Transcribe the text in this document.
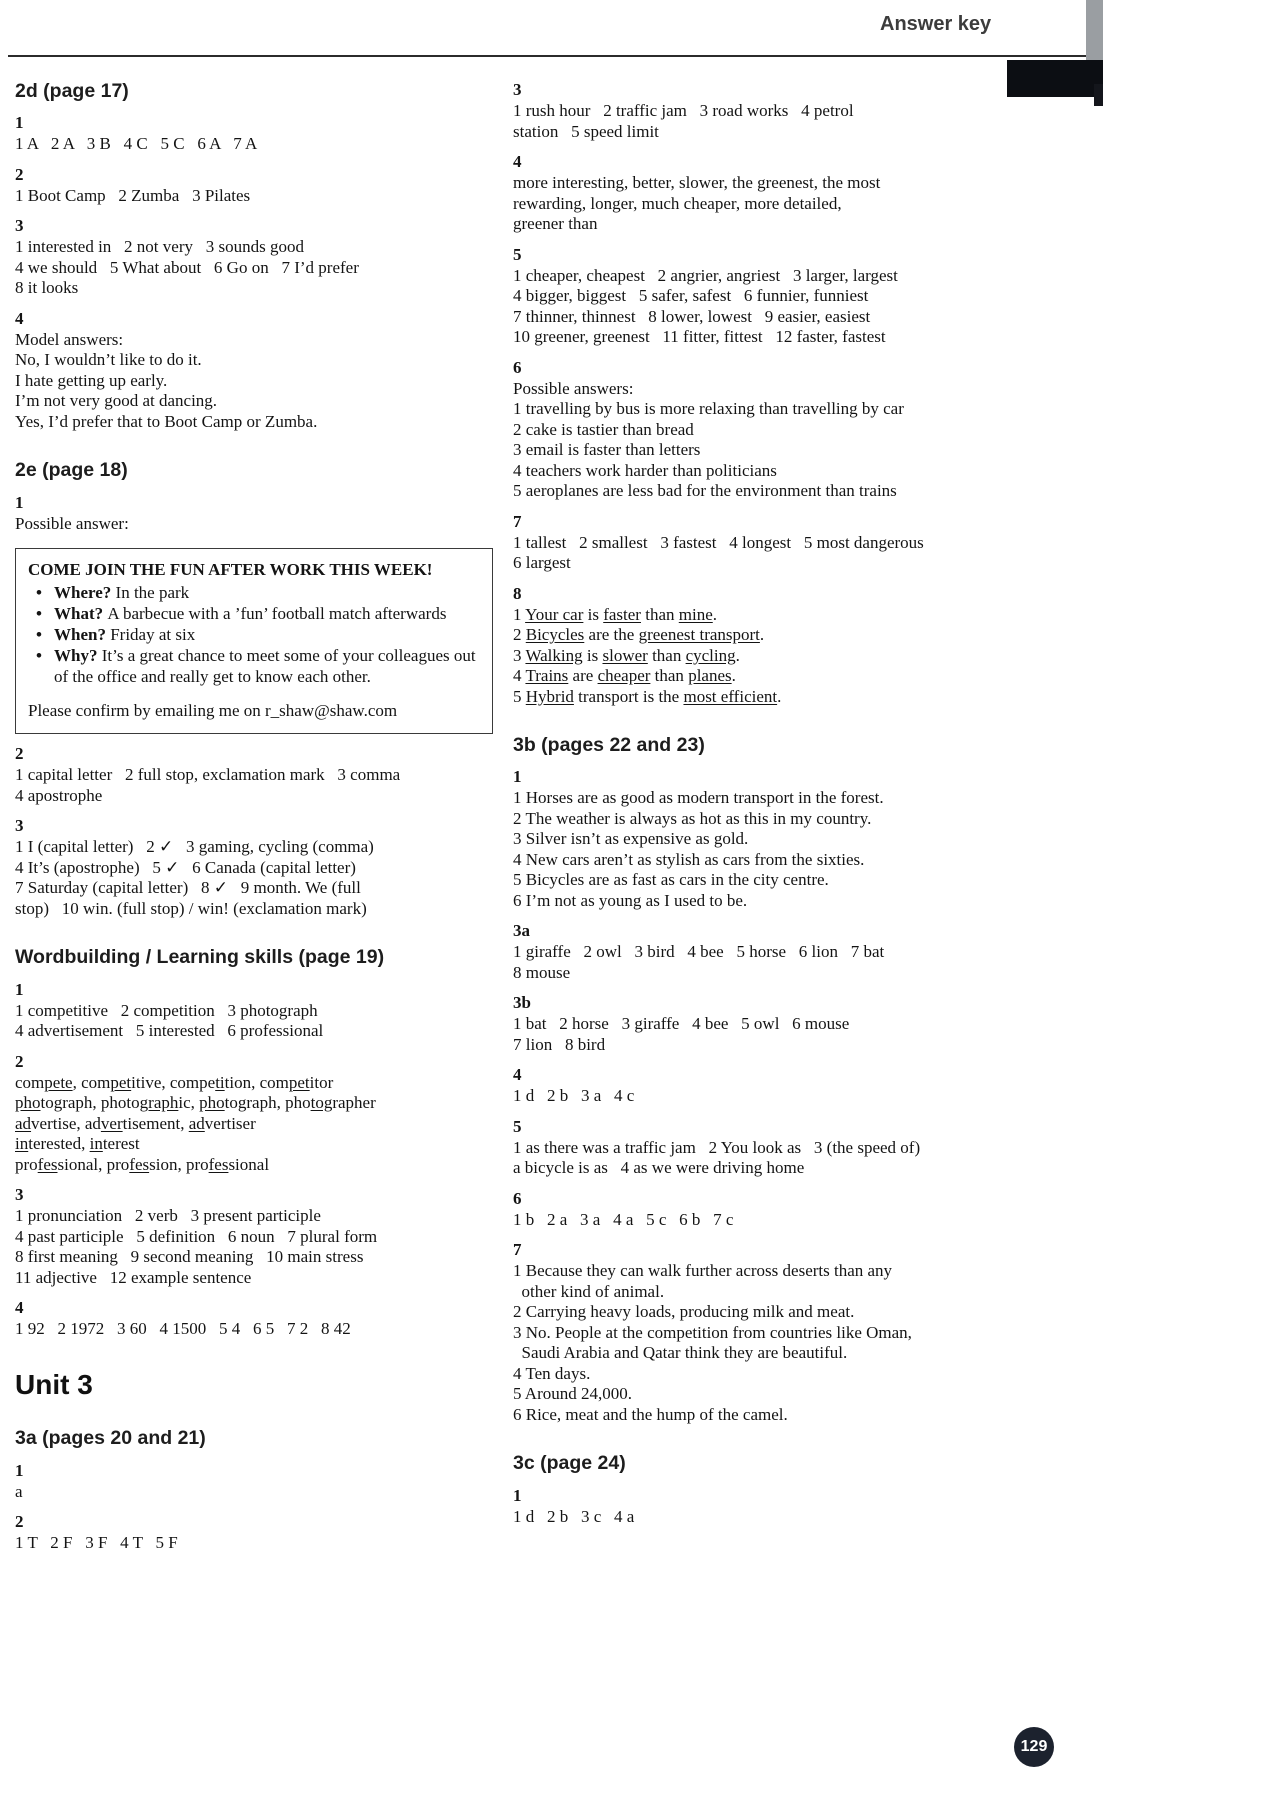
Answer key
2d (page 17)
1
1 A   2 A   3 B   4 C   5 C   6 A   7 A
2
1 Boot Camp   2 Zumba   3 Pilates
3
1 interested in   2 not very   3 sounds good
4 we should   5 What about   6 Go on   7 I’d prefer
8 it looks
4
Model answers:
No, I wouldn’t like to do it.
I hate getting up early.
I’m not very good at dancing.
Yes, I’d prefer that to Boot Camp or Zumba.
2e (page 18)
1
Possible answer:
COME JOIN THE FUN AFTER WORK THIS WEEK!
• Where? In the park
• What? A barbecue with a ’fun’ football match afterwards
• When? Friday at six
• Why? It’s a great chance to meet some of your colleagues out of the office and really get to know each other.
Please confirm by emailing me on r_shaw@shaw.com
2
1 capital letter   2 full stop, exclamation mark   3 comma
4 apostrophe
3
1 I (capital letter)   2 ✓   3 gaming, cycling (comma)
4 It’s (apostrophe)   5 ✓   6 Canada (capital letter)
7 Saturday (capital letter)   8 ✓   9 month. We (full
stop)   10 win. (full stop) / win! (exclamation mark)
Wordbuilding / Learning skills (page 19)
1
1 competitive   2 competition   3 photograph
4 advertisement   5 interested   6 professional
2
compete, competitive, competition, competitor
photograph, photographic, photograph, photographer
advertise, advertisement, advertiser
interested, interest
professional, profession, professional
3
1 pronunciation   2 verb   3 present participle
4 past participle   5 definition   6 noun   7 plural form
8 first meaning   9 second meaning   10 main stress
11 adjective   12 example sentence
4
1 92   2 1972   3 60   4 1500   5 4   6 5   7 2   8 42
Unit 3
3a (pages 20 and 21)
1
a
2
1 T   2 F   3 F   4 T   5 F
3
1 rush hour   2 traffic jam   3 road works   4 petrol
station   5 speed limit
4
more interesting, better, slower, the greenest, the most
rewarding, longer, much cheaper, more detailed,
greener than
5
1 cheaper, cheapest   2 angrier, angriest   3 larger, largest
4 bigger, biggest   5 safer, safest   6 funnier, funniest
7 thinner, thinnest   8 lower, lowest   9 easier, easiest
10 greener, greenest   11 fitter, fittest   12 faster, fastest
6
Possible answers:
1 travelling by bus is more relaxing than travelling by car
2 cake is tastier than bread
3 email is faster than letters
4 teachers work harder than politicians
5 aeroplanes are less bad for the environment than trains
7
1 tallest   2 smallest   3 fastest   4 longest   5 most dangerous
6 largest
8
1 Your car is faster than mine.
2 Bicycles are the greenest transport.
3 Walking is slower than cycling.
4 Trains are cheaper than planes.
5 Hybrid transport is the most efficient.
3b (pages 22 and 23)
1
1 Horses are as good as modern transport in the forest.
2 The weather is always as hot as this in my country.
3 Silver isn’t as expensive as gold.
4 New cars aren’t as stylish as cars from the sixties.
5 Bicycles are as fast as cars in the city centre.
6 I’m not as young as I used to be.
3a
1 giraffe   2 owl   3 bird   4 bee   5 horse   6 lion   7 bat
8 mouse
3b
1 bat   2 horse   3 giraffe   4 bee   5 owl   6 mouse
7 lion   8 bird
4
1 d   2 b   3 a   4 c
5
1 as there was a traffic jam   2 You look as   3 (the speed of)
a bicycle is as   4 as we were driving home
6
1 b   2 a   3 a   4 a   5 c   6 b   7 c
7
1 Because they can walk further across deserts than any
other kind of animal.
2 Carrying heavy loads, producing milk and meat.
3 No. People at the competition from countries like Oman,
Saudi Arabia and Qatar think they are beautiful.
4 Ten days.
5 Around 24,000.
6 Rice, meat and the hump of the camel.
3c (page 24)
1
1 d   2 b   3 c   4 a
129
